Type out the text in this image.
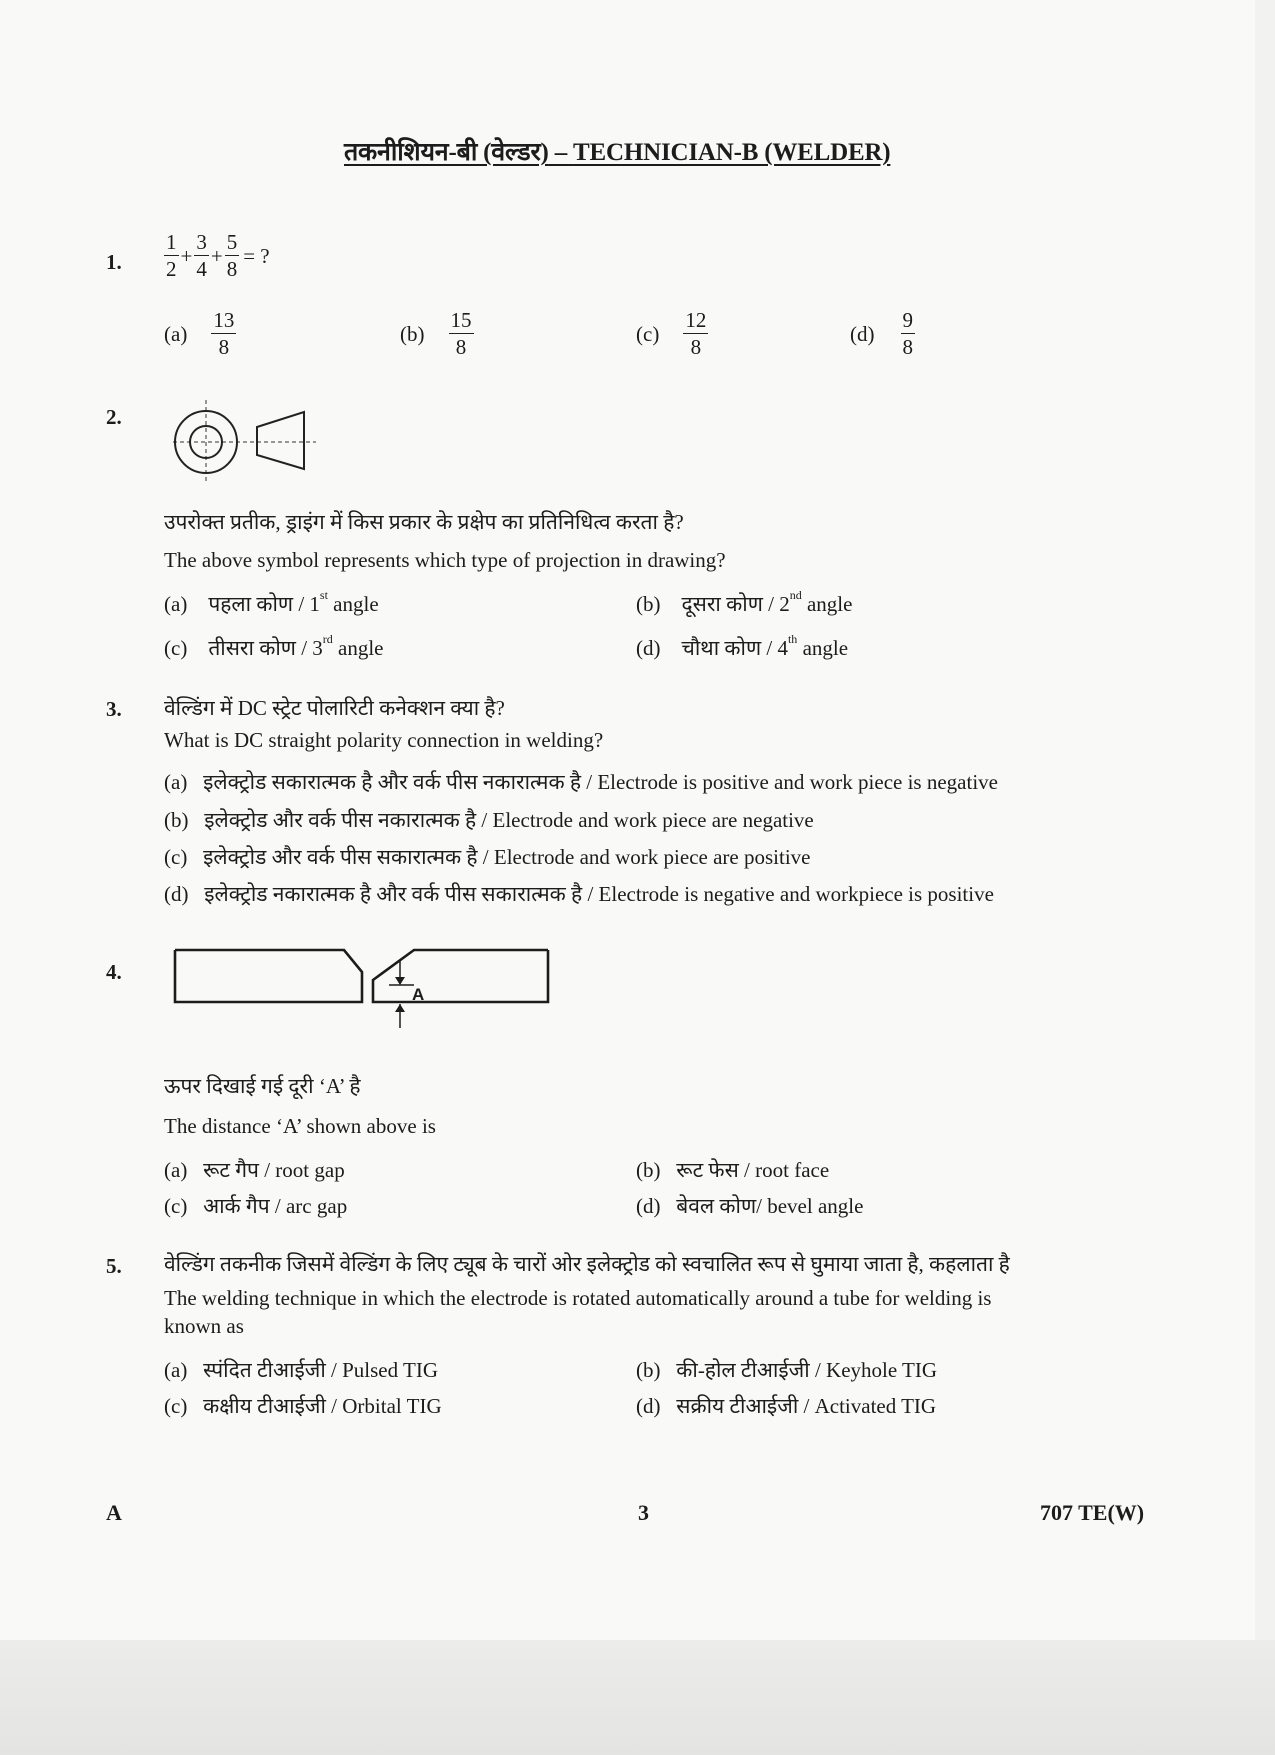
तकनीशियन-बी (वेल्डर) – TECHNICIAN-B (WELDER)
1. $\frac{1}{2} + \frac{3}{4} + \frac{5}{8}$ = ?
$(a) \frac{13}{8}$	$(b) \frac{15}{8}$	$(c) \frac{12}{8}$	$(d) \frac{9}{8}$
2.
उपरोक्त प्रतीक, ड्राइंग में किस प्रकार के प्रक्षेप का प्रतिनिधित्व करता है?
The above symbol represents which type of projection in drawing?
(a) पहला कोण / 1st angle	(b) दूसरा कोण / 2nd angle
(c) तीसरा कोण / 3rd angle	(d) चौथा कोण / 4th angle
3. वेल्डिंग में DC स्ट्रेट पोलारिटी कनेक्शन क्या है?
What is DC straight polarity connection in welding?
(a) इलेक्ट्रोड सकारात्मक है और वर्क पीस नकारात्मक है / Electrode is positive and work piece is negative
(b) इलेक्ट्रोड और वर्क पीस नकारात्मक है / Electrode and work piece are negative
(c) इलेक्ट्रोड और वर्क पीस सकारात्मक है / Electrode and work piece are positive
(d) इलेक्ट्रोड नकारात्मक है और वर्क पीस सकारात्मक है / Electrode is negative and workpiece is positive
4.
A
ऊपर दिखाई गई दूरी ‘A’ है
The distance ‘A’ shown above is
(a) रूट गैप / root gap	(b) रूट फेस / root face
(c) आर्क गैप / arc gap	(d) बेवल कोण/ bevel angle
5. वेल्डिंग तकनीक जिसमें वेल्डिंग के लिए ट्यूब के चारों ओर इलेक्ट्रोड को स्वचालित रूप से घुमाया जाता है, कहलाता है
The welding technique in which the electrode is rotated automatically around a tube for welding is
known as
(a) स्पंदित टीआईजी / Pulsed TIG	(b) की-होल टीआईजी / Keyhole TIG
(c) कक्षीय टीआईजी / Orbital TIG	(d) सक्रीय टीआईजी / Activated TIG
A	3	707 TE(W)
